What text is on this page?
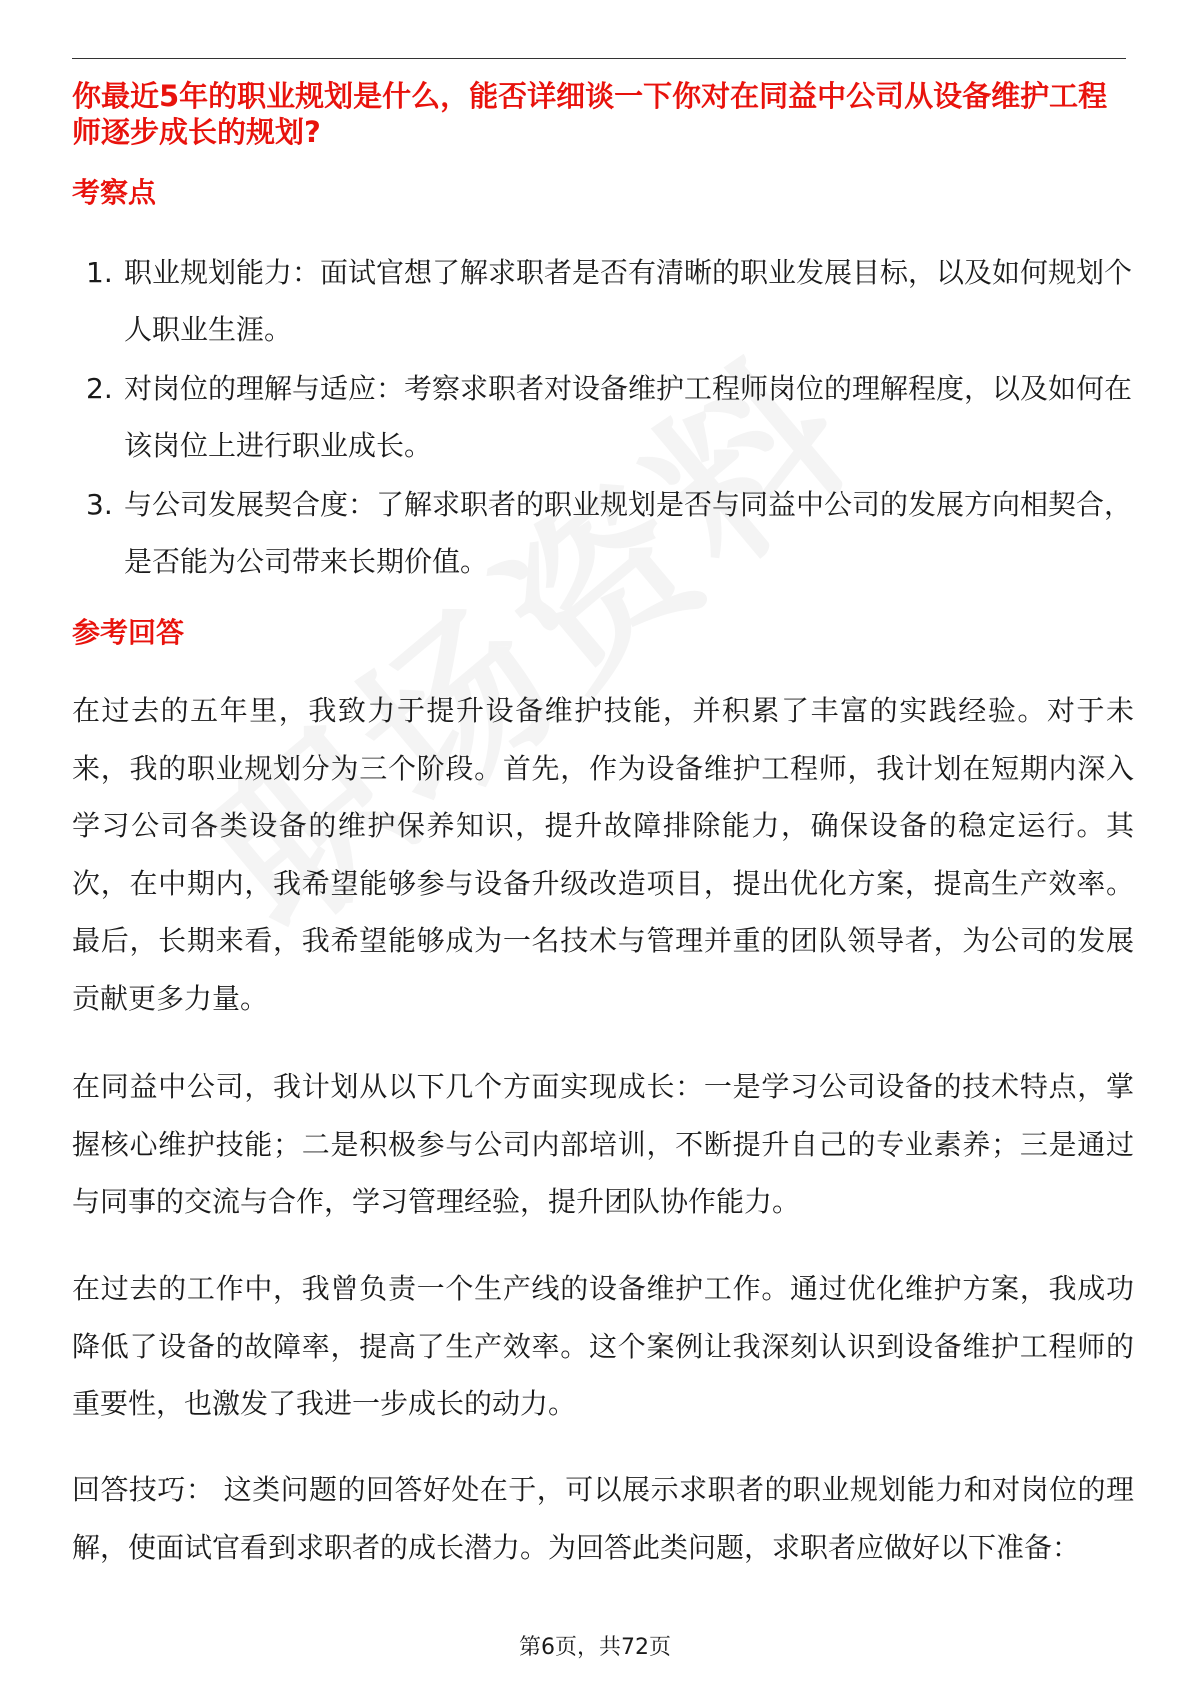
你最近5年的职业规划是什么，能否详细谈一下你对在同益中公司从设备维护工程师逐步成长的规划?
考察点
1. 职业规划能力：面试官想了解求职者是否有清晰的职业发展目标，以及如何规划个人职业生涯。
2. 对岗位的理解与适应：考察求职者对设备维护工程师岗位的理解程度，以及如何在该岗位上进行职业成长。
3. 与公司发展契合度：了解求职者的职业规划是否与同益中公司的发展方向相契合，是否能为公司带来长期价值。
参考回答

在过去的五年里，我致力于提升设备维护技能，并积累了丰富的实践经验。对于未来，我的职业规划分为三个阶段。首先，作为设备维护工程师，我计划在短期内深入学习公司各类设备的维护保养知识，提升故障排除能力，确保设备的稳定运行。其次，在中期内，我希望能够参与设备升级改造项目，提出优化方案，提高生产效率。最后，长期来看，我希望能够成为一名技术与管理并重的团队领导者，为公司的发展贡献更多力量。

在同益中公司，我计划从以下几个方面实现成长：一是学习公司设备的技术特点，掌握核心维护技能；二是积极参与公司内部培训，不断提升自己的专业素养；三是通过与同事的交流与合作，学习管理经验，提升团队协作能力。

在过去的工作中，我曾负责一个生产线的设备维护工作。通过优化维护方案，我成功降低了设备的故障率，提高了生产效率。这个案例让我深刻认识到设备维护工程师的重要性，也激发了我进一步成长的动力。

回答技巧： 这类问题的回答好处在于，可以展示求职者的职业规划能力和对岗位的理解，使面试官看到求职者的成长潜力。为回答此类问题，求职者应做好以下准备：

第6页，共72页
